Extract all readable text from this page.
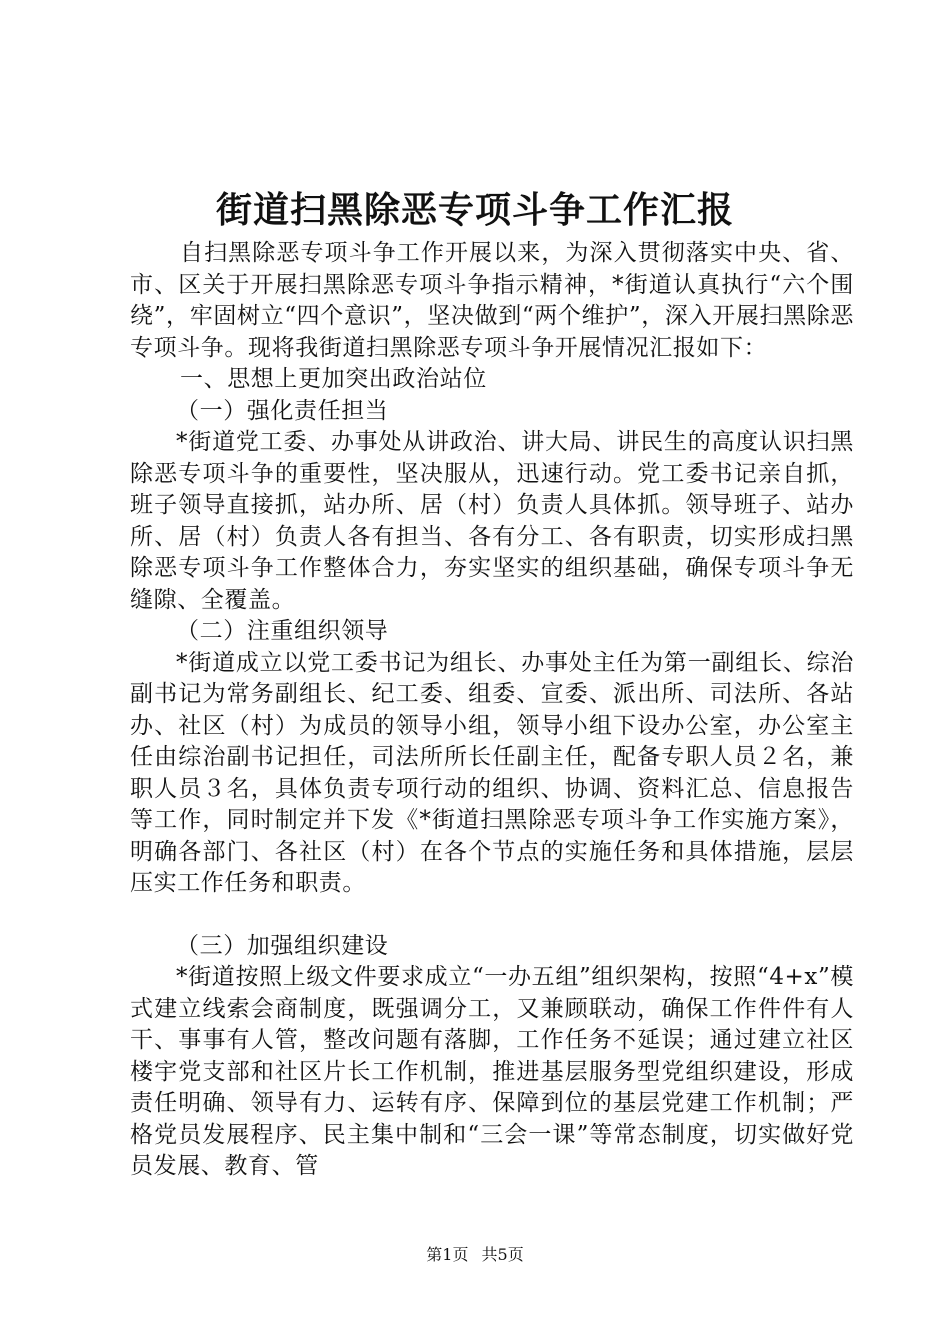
街道扫黑除恶专项斗争工作汇报

自扫黑除恶专项斗争工作开展以来，为深入贯彻落实中央、省、市、区关于开展扫黑除恶专项斗争指示精神，*街道认真执行“六个围绕”，牢固树立“四个意识”，坚决做到“两个维护”，深入开展扫黑除恶专项斗争。现将我街道扫黑除恶专项斗争开展情况汇报如下：

一、思想上更加突出政治站位

（一）强化责任担当

*街道党工委、办事处从讲政治、讲大局、讲民生的高度认识扫黑除恶专项斗争的重要性，坚决服从，迅速行动。党工委书记亲自抓，班子领导直接抓，站办所、居（村）负责人具体抓。领导班子、站办所、居（村）负责人各有担当、各有分工、各有职责，切实形成扫黑除恶专项斗争工作整体合力，夯实坚实的组织基础，确保专项斗争无缝隙、全覆盖。

（二）注重组织领导

*街道成立以党工委书记为组长、办事处主任为第一副组长、综治副书记为常务副组长、纪工委、组委、宣委、派出所、司法所、各站办、社区（村）为成员的领导小组，领导小组下设办公室，办公室主任由综治副书记担任，司法所所长任副主任，配备专职人员２名，兼职人员３名，具体负责专项行动的组织、协调、资料汇总、信息报告等工作，同时制定并下发《*街道扫黑除恶专项斗争工作实施方案》，明确各部门、各社区（村）在各个节点的实施任务和具体措施，层层压实工作任务和职责。

（三）加强组织建设

*街道按照上级文件要求成立“一办五组”组织架构，按照“4+x”模式建立线索会商制度，既强调分工，又兼顾联动，确保工作件件有人干、事事有人管，整改问题有落脚，工作任务不延误；通过建立社区楼宇党支部和社区片长工作机制，推进基层服务型党组织建设，形成责任明确、领导有力、运转有序、保障到位的基层党建工作机制；严格党员发展程序、民主集中制和“三会一课”等常态制度，切实做好党员发展、教育、管

第1页 共5页
